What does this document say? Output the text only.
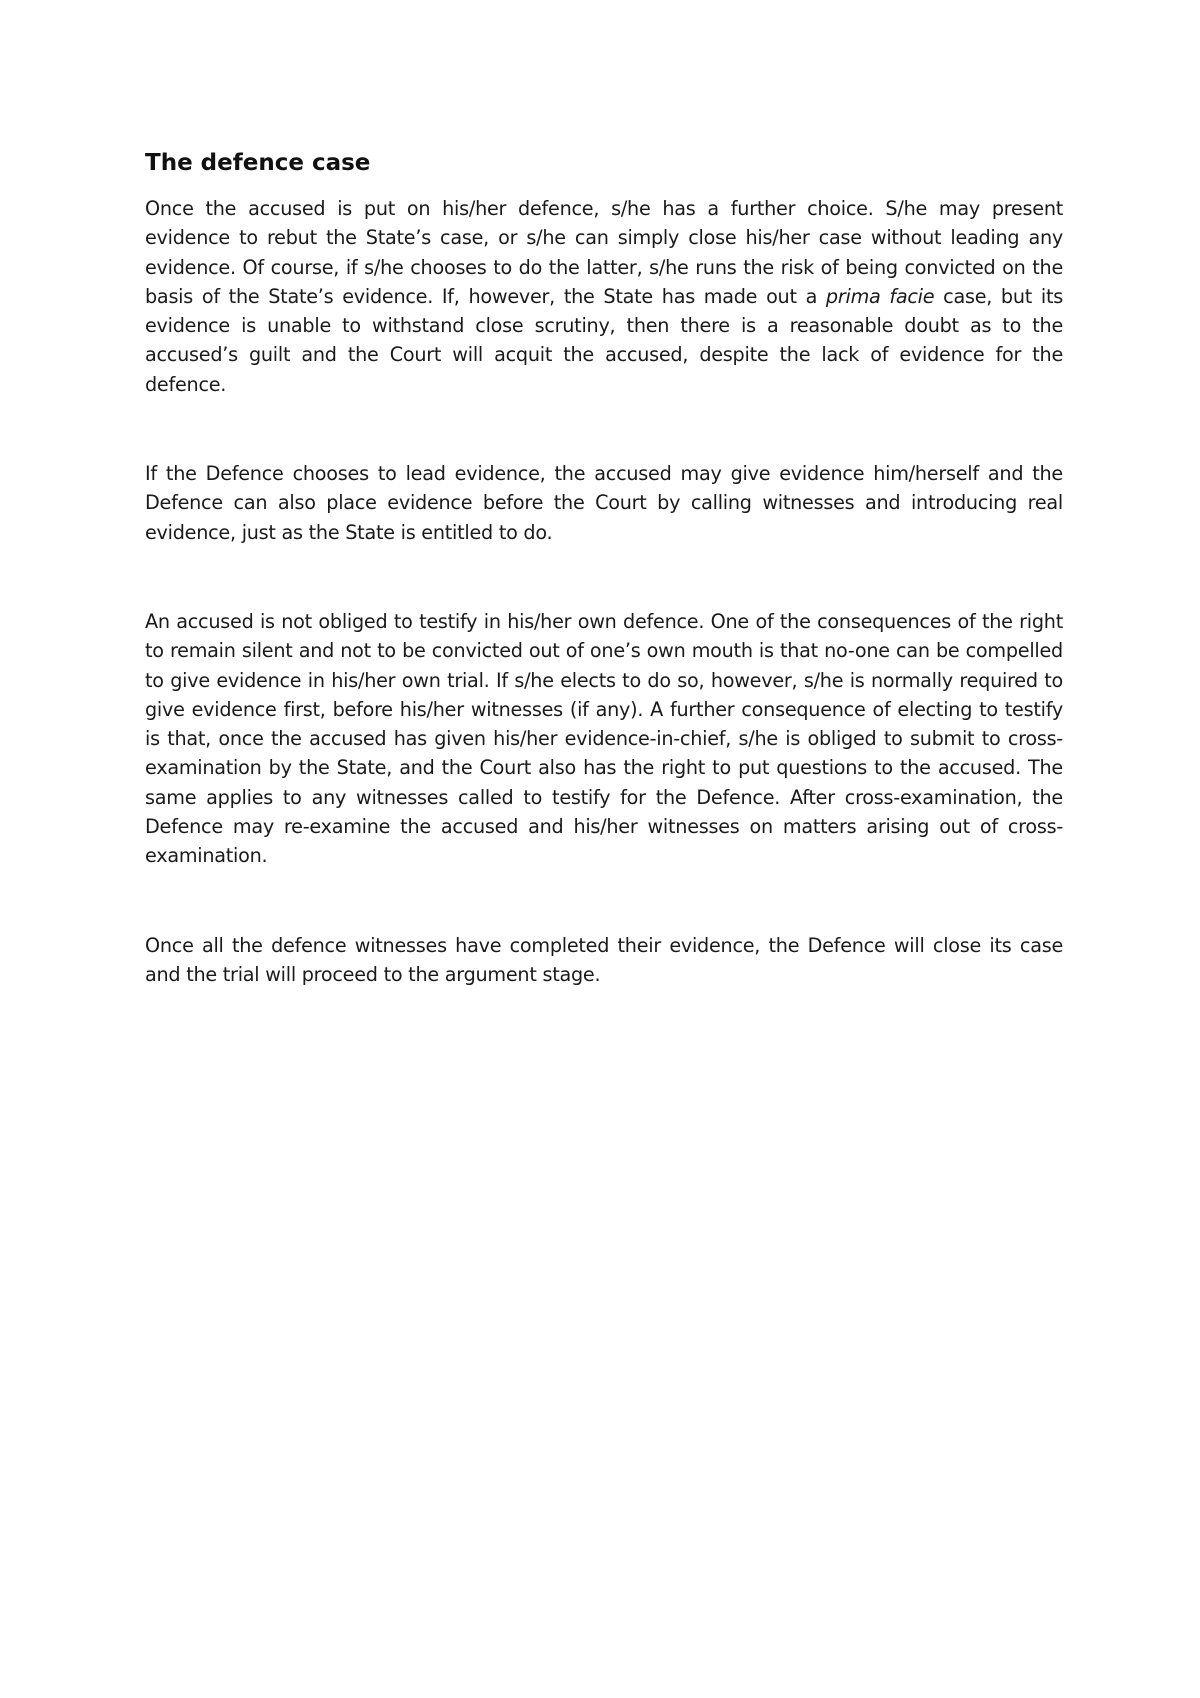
The defence case

Once the accused is put on his/her defence, s/he has a further choice. S/he may present evidence to rebut the State’s case, or s/he can simply close his/her case without leading any evidence. Of course, if s/he chooses to do the latter, s/he runs the risk of being convicted on the basis of the State’s evidence. If, however, the State has made out a prima facie case, but its evidence is unable to withstand close scrutiny, then there is a reasonable doubt as to the accused’s guilt and the Court will acquit the accused, despite the lack of evidence for the defence.

If the Defence chooses to lead evidence, the accused may give evidence him/herself and the Defence can also place evidence before the Court by calling witnesses and introducing real evidence, just as the State is entitled to do.

An accused is not obliged to testify in his/her own defence. One of the consequences of the right to remain silent and not to be convicted out of one’s own mouth is that no-one can be compelled to give evidence in his/her own trial. If s/he elects to do so, however, s/he is normally required to give evidence first, before his/her witnesses (if any). A further consequence of electing to testify is that, once the accused has given his/her evidence-in-chief, s/he is obliged to submit to cross-examination by the State, and the Court also has the right to put questions to the accused. The same applies to any witnesses called to testify for the Defence. After cross-examination, the Defence may re-examine the accused and his/her witnesses on matters arising out of cross-examination.

Once all the defence witnesses have completed their evidence, the Defence will close its case and the trial will proceed to the argument stage.
